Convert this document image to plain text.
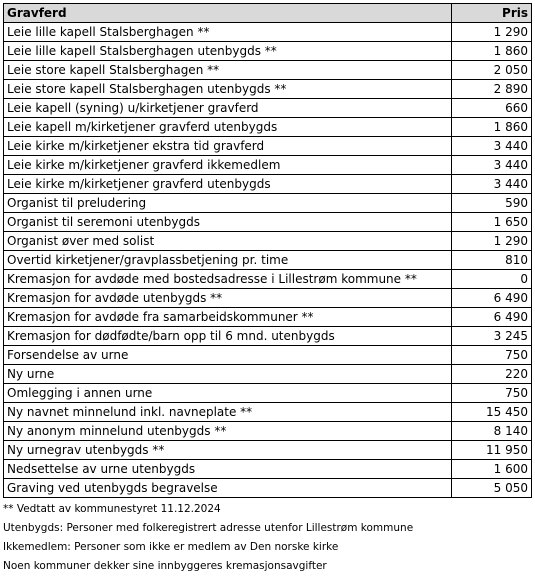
Gravferd	Pris
Leie lille kapell Stalsberghagen **	1 290
Leie lille kapell Stalsberghagen utenbygds **	1 860
Leie store kapell Stalsberghagen **	2 050
Leie store kapell Stalsberghagen utenbygds **	2 890
Leie kapell (syning) u/kirketjener gravferd	660
Leie kapell m/kirketjener gravferd utenbygds	1 860
Leie kirke m/kirketjener ekstra tid gravferd	3 440
Leie kirke m/kirketjener gravferd ikkemedlem	3 440
Leie kirke m/kirketjener gravferd utenbygds	3 440
Organist til preludering	590
Organist til seremoni utenbygds	1 650
Organist øver med solist	1 290
Overtid kirketjener/gravplassbetjening pr. time	810
Kremasjon for avdøde med bostedsadresse i Lillestrøm kommune **	0
Kremasjon for avdøde utenbygds **	6 490
Kremasjon for avdøde fra samarbeidskommuner **	6 490
Kremasjon for dødfødte/barn opp til 6 mnd. utenbygds	3 245
Forsendelse av urne	750
Ny urne	220
Omlegging i annen urne	750
Ny navnet minnelund inkl. navneplate **	15 450
Ny anonym minnelund utenbygds **	8 140
Ny urnegrav utenbygds **	11 950
Nedsettelse av urne utenbygds	1 600
Graving ved utenbygds begravelse	5 050
** Vedtatt av kommunestyret 11.12.2024
Utenbygds: Personer med folkeregistrert adresse utenfor Lillestrøm kommune
Ikkemedlem: Personer som ikke er medlem av Den norske kirke
Noen kommuner dekker sine innbyggeres kremasjonsavgifter
